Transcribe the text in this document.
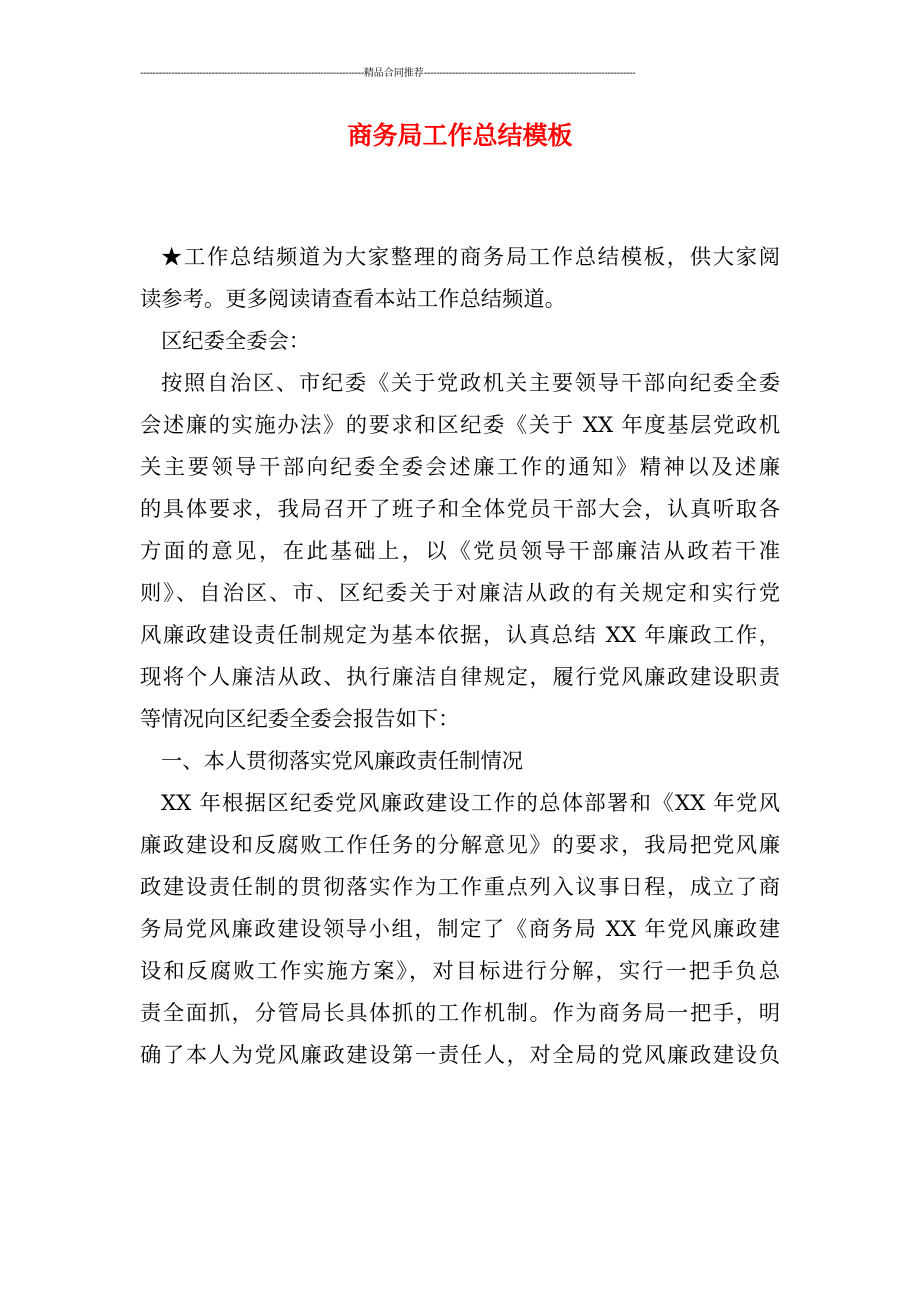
------------------------------------------------------------------------精品合同推荐--------------------------------------------------------------------
商务局工作总结模板
★工作总结频道为大家整理的商务局工作总结模板，供大家阅
读参考。更多阅读请查看本站工作总结频道。
区纪委全委会：
按照自治区、市纪委《关于党政机关主要领导干部向纪委全委
会述廉的实施办法》的要求和区纪委《关于 XX 年度基层党政机
关主要领导干部向纪委全委会述廉工作的通知》精神以及述廉
的具体要求，我局召开了班子和全体党员干部大会，认真听取各
方面的意见，在此基础上，以《党员领导干部廉洁从政若干准
则》、自治区、市、区纪委关于对廉洁从政的有关规定和实行党
风廉政建设责任制规定为基本依据，认真总结 XX 年廉政工作，
现将个人廉洁从政、执行廉洁自律规定，履行党风廉政建设职责
等情况向区纪委全委会报告如下：
一、本人贯彻落实党风廉政责任制情况
XX 年根据区纪委党风廉政建设工作的总体部署和《XX 年党风
廉政建设和反腐败工作任务的分解意见》的要求，我局把党风廉
政建设责任制的贯彻落实作为工作重点列入议事日程，成立了商
务局党风廉政建设领导小组，制定了《商务局 XX 年党风廉政建
设和反腐败工作实施方案》，对目标进行分解，实行一把手负总
责全面抓，分管局长具体抓的工作机制。作为商务局一把手，明
确了本人为党风廉政建设第一责任人，对全局的党风廉政建设负
